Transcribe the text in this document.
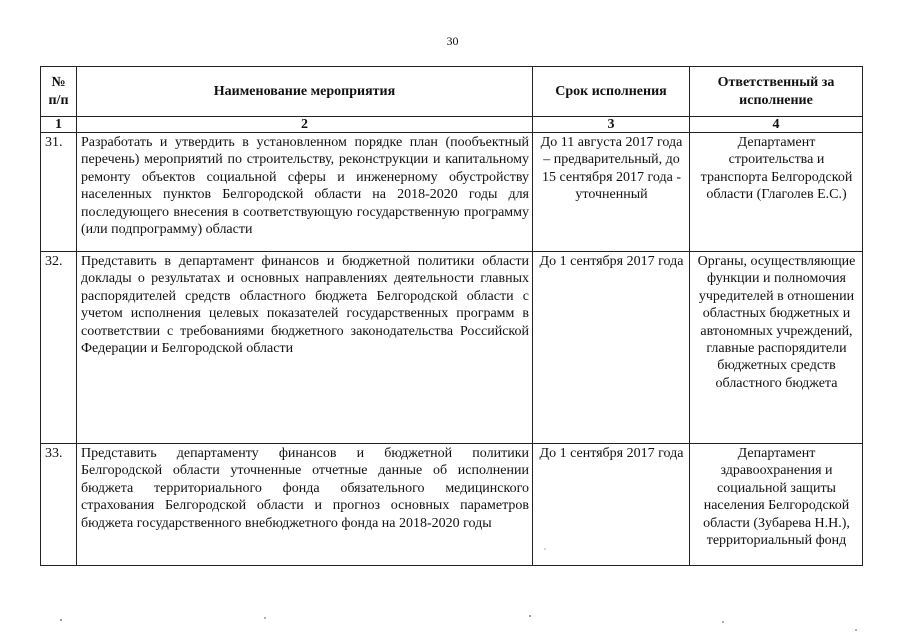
30
№
п/п	Наименование мероприятия	Срок исполнения	Ответственный за исполнение
1	2	3	4
31.	Разработать и утвердить в установленном порядке план (пообъектный перечень) мероприятий по строительству, реконструкции и капитальному ремонту объектов социальной сферы и инженерному обустройству населенных пунктов Белгородской области на 2018-2020 годы для последующего внесения в соответствующую государственную программу (или подпрограмму) области	До 11 августа 2017 года – предварительный, до 15 сентября 2017 года - уточненный	Департамент строительства и транспорта Белгородской области (Глаголев Е.С.)
32.	Представить в департамент финансов и бюджетной политики области доклады о результатах и основных направлениях деятельности главных распорядителей средств областного бюджета Белгородской области с учетом исполнения целевых показателей государственных программ в соответствии с требованиями бюджетного законодательства Российской Федерации и Белгородской области	До 1 сентября 2017 года	Органы, осуществляющие функции и полномочия учредителей в отношении областных бюджетных и автономных учреждений, главные распорядители бюджетных средств областного бюджета
33.	Представить департаменту финансов и бюджетной политики Белгородской области уточненные отчетные данные об исполнении бюджета территориального фонда обязательного медицинского страхования Белгородской области и прогноз основных параметров бюджета государственного внебюджетного фонда на 2018-2020 годы	До 1 сентября 2017 года	Департамент здравоохранения и социальной защиты населения Белгородской области (Зубарева Н.Н.), территориальный фонд
